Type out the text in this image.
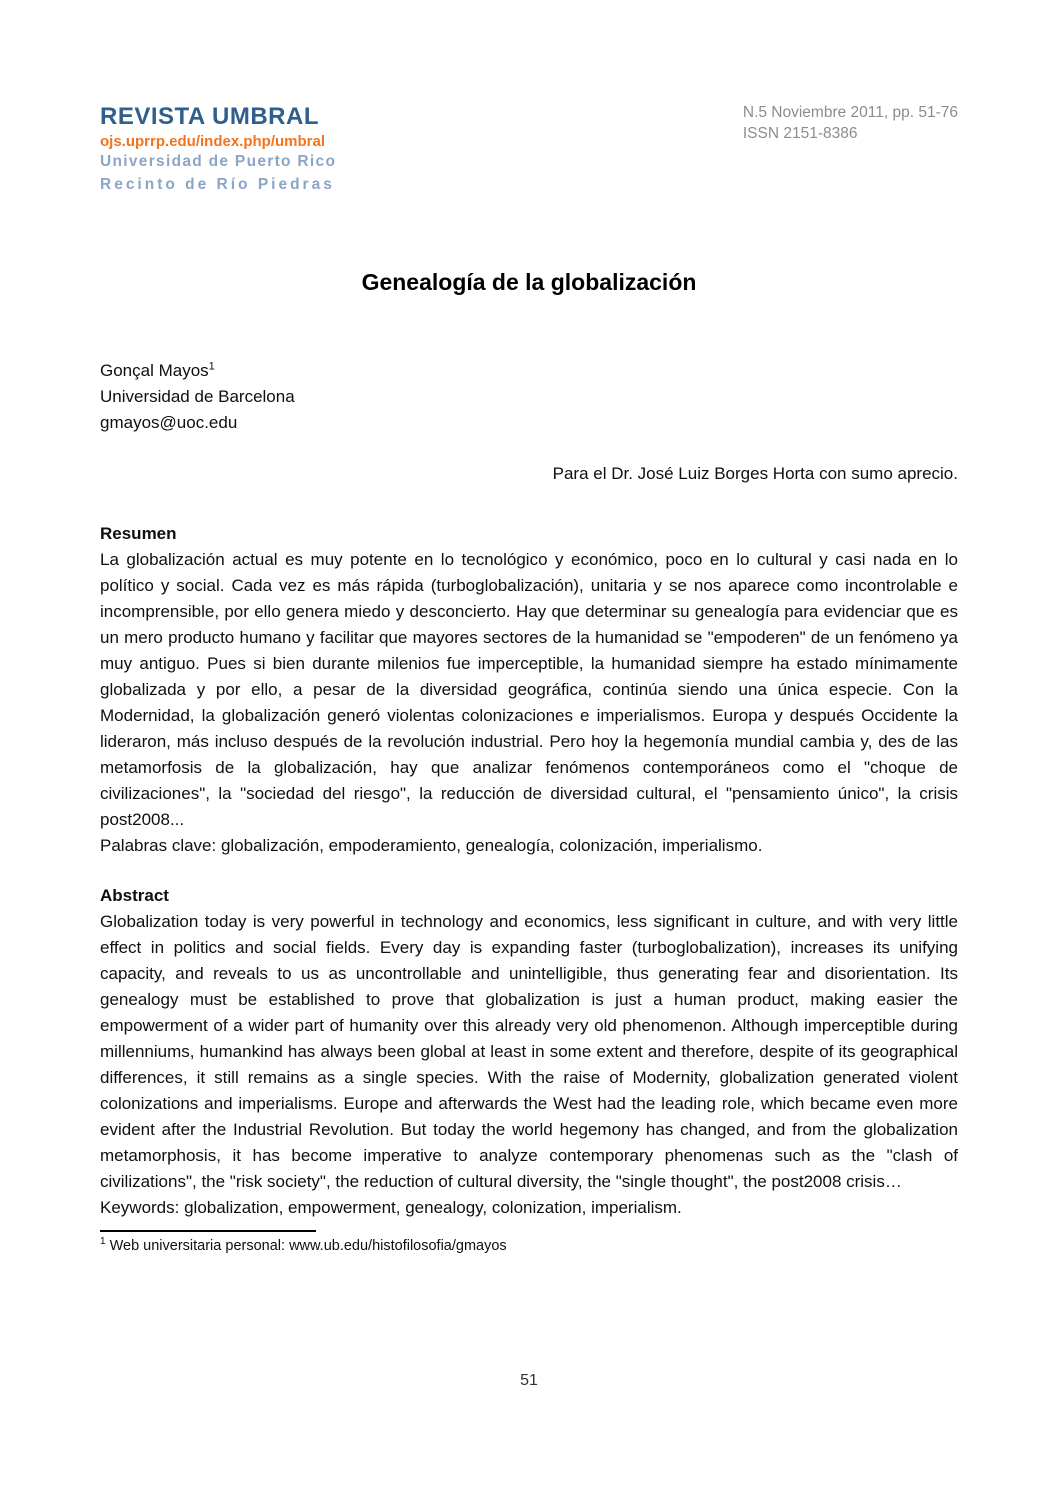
REVISTA UMBRAL
ojs.uprrp.edu/index.php/umbral
Universidad de Puerto Rico
Recinto de Río Piedras
N.5 Noviembre 2011, pp. 51-76
ISSN 2151-8386
Genealogía de la globalización
Gonçal Mayos$^1$
Universidad de Barcelona
gmayos@uoc.edu
Para el Dr. José Luiz Borges Horta con sumo aprecio.
Resumen
La globalización actual es muy potente en lo tecnológico y económico, poco en lo cultural y casi nada en lo político y social. Cada vez es más rápida (turboglobalización), unitaria y se nos aparece como incontrolable e incomprensible, por ello genera miedo y desconcierto. Hay que determinar su genealogía para evidenciar que es un mero producto humano y facilitar que mayores sectores de la humanidad se "empoderen" de un fenómeno ya muy antiguo. Pues si bien durante milenios fue imperceptible, la humanidad siempre ha estado mínimamente globalizada y por ello, a pesar de la diversidad geográfica, continúa siendo una única especie. Con la Modernidad, la globalización generó violentas colonizaciones e imperialismos. Europa y después Occidente la lideraron, más incluso después de la revolución industrial. Pero hoy la hegemonía mundial cambia y, des de las metamorfosis de la globalización, hay que analizar fenómenos contemporáneos como el "choque de civilizaciones", la "sociedad del riesgo", la reducción de diversidad cultural, el "pensamiento único", la crisis post2008...
Palabras clave: globalización, empoderamiento, genealogía, colonización, imperialismo.
Abstract
Globalization today is very powerful in technology and economics, less significant in culture, and with very little effect in politics and social fields. Every day is expanding faster (turboglobalization), increases its unifying capacity, and reveals to us as uncontrollable and unintelligible, thus generating fear and disorientation. Its genealogy must be established to prove that globalization is just a human product, making easier the empowerment of a wider part of humanity over this already very old phenomenon. Although imperceptible during millenniums, humankind has always been global at least in some extent and therefore, despite of its geographical differences, it still remains as a single species. With the raise of Modernity, globalization generated violent colonizations and imperialisms. Europe and afterwards the West had the leading role, which became even more evident after the Industrial Revolution. But today the world hegemony has changed, and from the globalization metamorphosis, it has become imperative to analyze contemporary phenomenas such as the "clash of civilizations", the "risk society", the reduction of cultural diversity, the "single thought", the post2008 crisis…
Keywords: globalization, empowerment, genealogy, colonization, imperialism.
$^1$ Web universitaria personal: www.ub.edu/histofilosofia/gmayos
51
